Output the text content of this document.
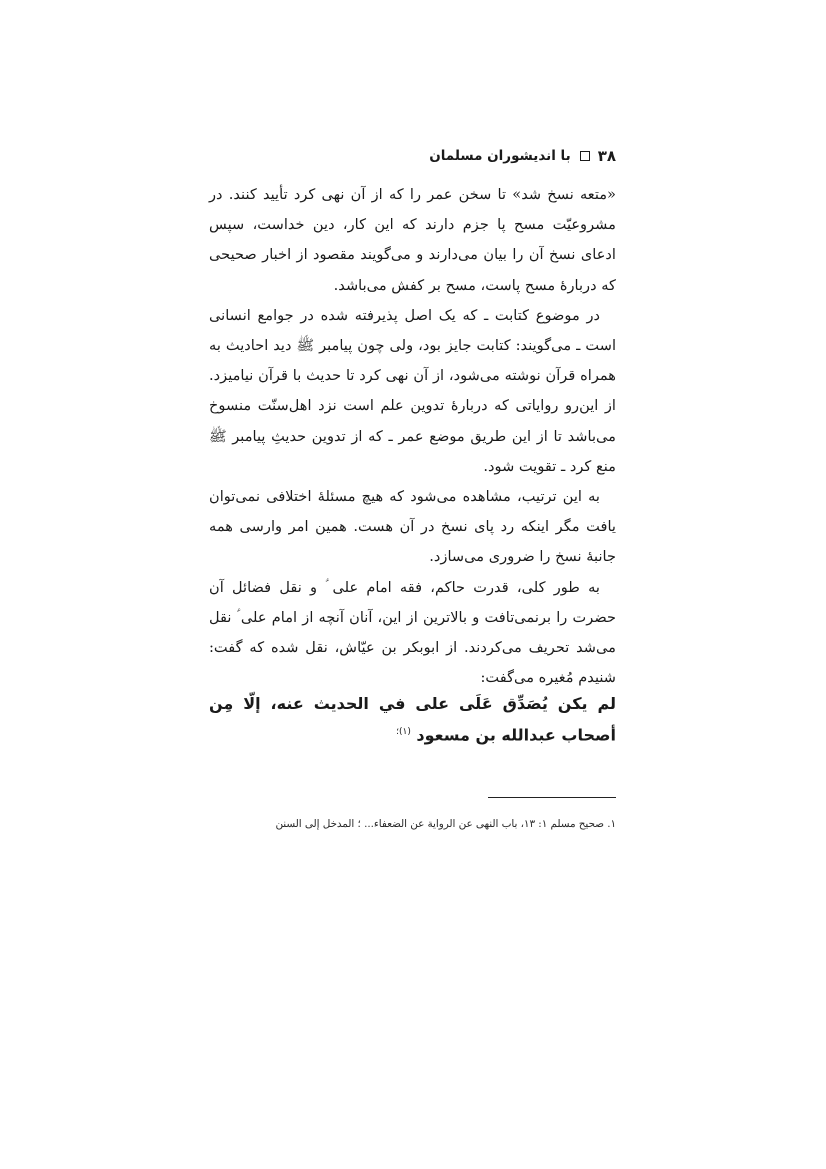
۳۸
با اندیشوران مسلمان

«متعه نسخ شد» تا سخن عمر را که از آن نهی کرد تأیید کنند. در مشروعیّت مسح پا جزم دارند که این کار، دین خداست، سپس ادعای نسخ آن را بیان می‌دارند و می‌گویند مقصود از اخبار صحیحی که دربارهٔ مسح پاست، مسح بر کفش می‌باشد.

در موضوع کتابت ـ که یک اصل پذیرفته شده در جوامع انسانی است ـ می‌گویند: کتابت جایز بود، ولی چون پیامبر ﷺ دید احادیث به همراه قرآن نوشته می‌شود، از آن نهی کرد تا حدیث با قرآن نیامیزد. از این‌رو روایاتی که دربارهٔ تدوین علم است نزد اهل‌سنّت منسوخ می‌باشد تا از این طریق موضع عمر ـ که از تدوین حدیثِ پیامبر ﷺ منع کرد ـ تقویت شود.

به این ترتیب، مشاهده می‌شود که هیچ مسئلهٔ اختلافی نمی‌توان یافت مگر اینکه رد پای نسخ در آن هست. همین امر وارسی همه جانبهٔ نسخ را ضروری می‌سازد.

به طور کلی، قدرت حاکم، فقه امام علی ؑ و نقل فضائل آن حضرت را برنمی‌تافت و بالاترین از این، آنان آنچه از امام علی ؑ نقل می‌شد تحریف می‌کردند. از ابوبکر بن عیّاش، نقل شده که گفت: شنیدم مُغیره می‌گفت:

لم یکن یُصَدِّق عَلَی علی في الحدیث عنه، إلّا مِن أصحاب عبدالله بن مسعود $^{(۱)؛}$
۱. صحیح مسلم ۱: ۱۳، باب النهی عن الروایة عن الضعفاء... ؛ المدخل إلی السنن
